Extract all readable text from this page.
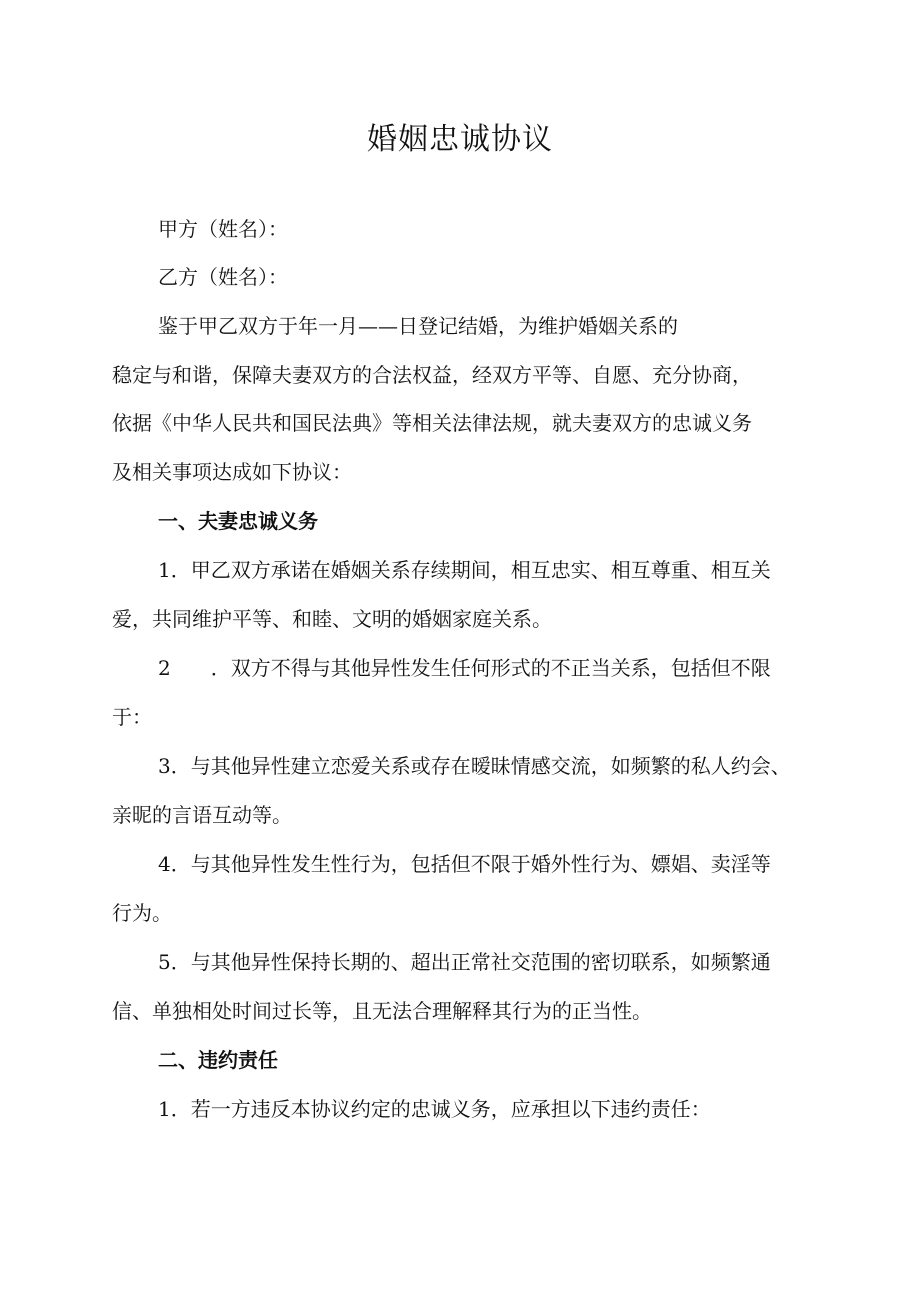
婚姻忠诚协议
甲方（姓名）：
乙方（姓名）：
鉴于甲乙双方于年一月——日登记结婚，为维护婚姻关系的
稳定与和谐，保障夫妻双方的合法权益，经双方平等、自愿、充分协商，
依据《中华人民共和国民法典》等相关法律法规，就夫妻双方的忠诚义务
及相关事项达成如下协议：
一、夫妻忠诚义务
1．甲乙双方承诺在婚姻关系存续期间，相互忠实、相互尊重、相互关
爱，共同维护平等、和睦、文明的婚姻家庭关系。
2　　．双方不得与其他异性发生任何形式的不正当关系，包括但不限
于：
3．与其他异性建立恋爱关系或存在暧昧情感交流，如频繁的私人约会、
亲昵的言语互动等。
4．与其他异性发生性行为，包括但不限于婚外性行为、嫖娼、卖淫等
行为。
5．与其他异性保持长期的、超出正常社交范围的密切联系，如频繁通
信、单独相处时间过长等，且无法合理解释其行为的正当性。
二、违约责任
1．若一方违反本协议约定的忠诚义务，应承担以下违约责任：
